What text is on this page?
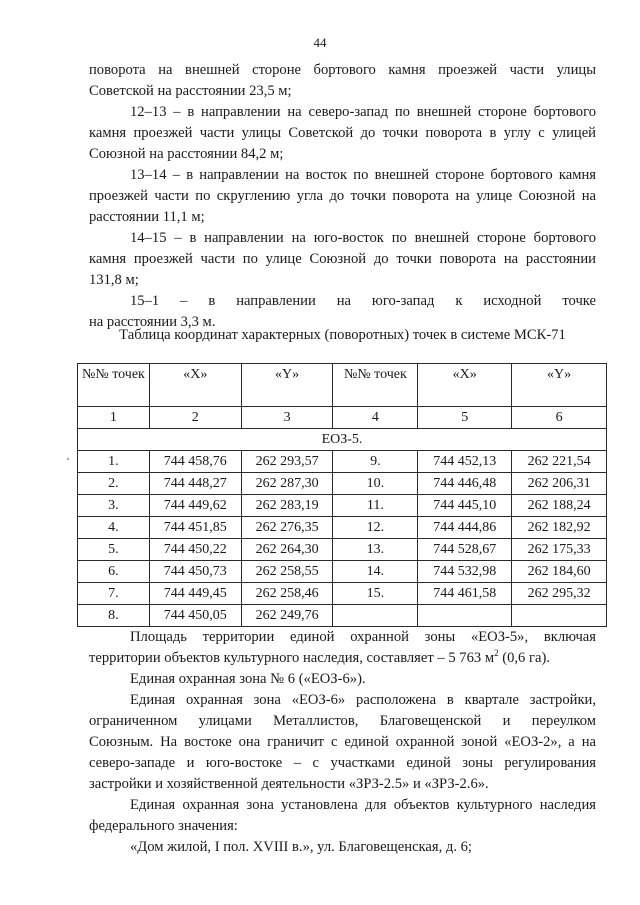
44
поворота на внешней стороне бортового камня проезжей части улицы
Советской на расстоянии 23,5 м;
12–13 – в направлении на северо-запад по внешней стороне бортового
камня проезжей части улицы Советской до точки поворота в углу с улицей
Союзной на расстоянии 84,2 м;
13–14 – в направлении на восток по внешней стороне бортового камня
проезжей части по скруглению угла до точки поворота на улице Союзной на
расстоянии 11,1 м;
14–15 – в направлении на юго-восток по внешней стороне бортового
камня проезжей части по улице Союзной до точки поворота на расстоянии
131,8 м;
15–1 – в направлении на юго-запад к исходной точке
на расстоянии 3,3 м.
Таблица координат характерных (поворотных) точек в системе МСК-71
№№ точек	«X»	«Y»	№№ точек	«X»	«Y»
1	2	3	4	5	6
ЕОЗ-5.					
1.	744 458,76	262 293,57	9.	744 452,13	262 221,54
2.	744 448,27	262 287,30	10.	744 446,48	262 206,31
3.	744 449,62	262 283,19	11.	744 445,10	262 188,24
4.	744 451,85	262 276,35	12.	744 444,86	262 182,92
5.	744 450,22	262 264,30	13.	744 528,67	262 175,33
6.	744 450,73	262 258,55	14.	744 532,98	262 184,60
7.	744 449,45	262 258,46	15.	744 461,58	262 295,32
8.	744 450,05	262 249,76			
Площадь территории единой охранной зоны «ЕОЗ-5», включая
территории объектов культурного наследия, составляет – 5 763 $м^2$ (0,6 га).
Единая охранная зона № 6 («ЕОЗ-6»).
Единая охранная зона «ЕОЗ-6» расположена в квартале застройки,
ограниченном улицами Металлистов, Благовещенской и переулком
Союзным. На востоке она граничит с единой охранной зоной «ЕОЗ-2», а на
северо-западе и юго-востоке – с участками единой зоны регулирования
застройки и хозяйственной деятельности «ЗРЗ-2.5» и «ЗРЗ-2.6».
Единая охранная зона установлена для объектов культурного наследия
федерального значения:
«Дом жилой, I пол. XVIII в.», ул. Благовещенская, д. 6;
